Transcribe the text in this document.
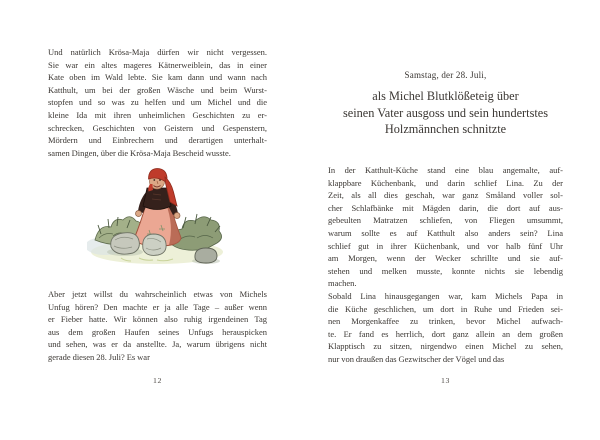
Und natürlich Krösa-Maja dürfen wir nicht vergessen.
Sie war ein altes mageres Kätnerweiblein, das in einer
Kate oben im Wald lebte. Sie kam dann und wann nach
Katthult, um bei der großen Wäsche und beim Wurst-
stopfen und so was zu helfen und um Michel und die
kleine Ida mit ihren unheimlichen Geschichten zu er-
schrecken, Geschichten von Geistern und Gespenstern,
Mördern und Einbrechern und derartigen unterhalt-
samen Dingen, über die Krösa-Maja Bescheid wusste.
Aber jetzt willst du wahrscheinlich etwas von Michels
Unfug hören? Den machte er ja alle Tage – außer wenn
er Fieber hatte. Wir können also ruhig irgendeinen Tag
aus dem großen Haufen seines Unfugs herauspicken
und sehen, was er da anstellte. Ja, warum übrigens nicht
gerade diesen 28. Juli? Es war
12
Samstag, der 28. Juli,
als Michel Blutklößeteig über
seinen Vater ausgoss und sein hundertstes
Holzmännchen schnitzte
In der Katthult-Küche stand eine blau angemalte, auf-
klappbare Küchenbank, und darin schlief Lina. Zu der
Zeit, als all dies geschah, war ganz Småland voller sol-
cher Schlafbänke mit Mägden darin, die dort auf aus-
gebeulten Matratzen schliefen, von Fliegen umsummt,
warum sollte es auf Katthult also anders sein? Lina
schlief gut in ihrer Küchenbank, und vor halb fünf Uhr
am Morgen, wenn der Wecker schrillte und sie auf-
stehen und melken musste, konnte nichts sie lebendig
machen.
Sobald Lina hinausgegangen war, kam Michels Papa in
die Küche geschlichen, um dort in Ruhe und Frieden sei-
nen Morgenkaffee zu trinken, bevor Michel aufwach-
te. Er fand es herrlich, dort ganz allein an dem großen
Klapptisch zu sitzen, nirgendwo einen Michel zu sehen,
nur von draußen das Gezwitscher der Vögel und das
13
